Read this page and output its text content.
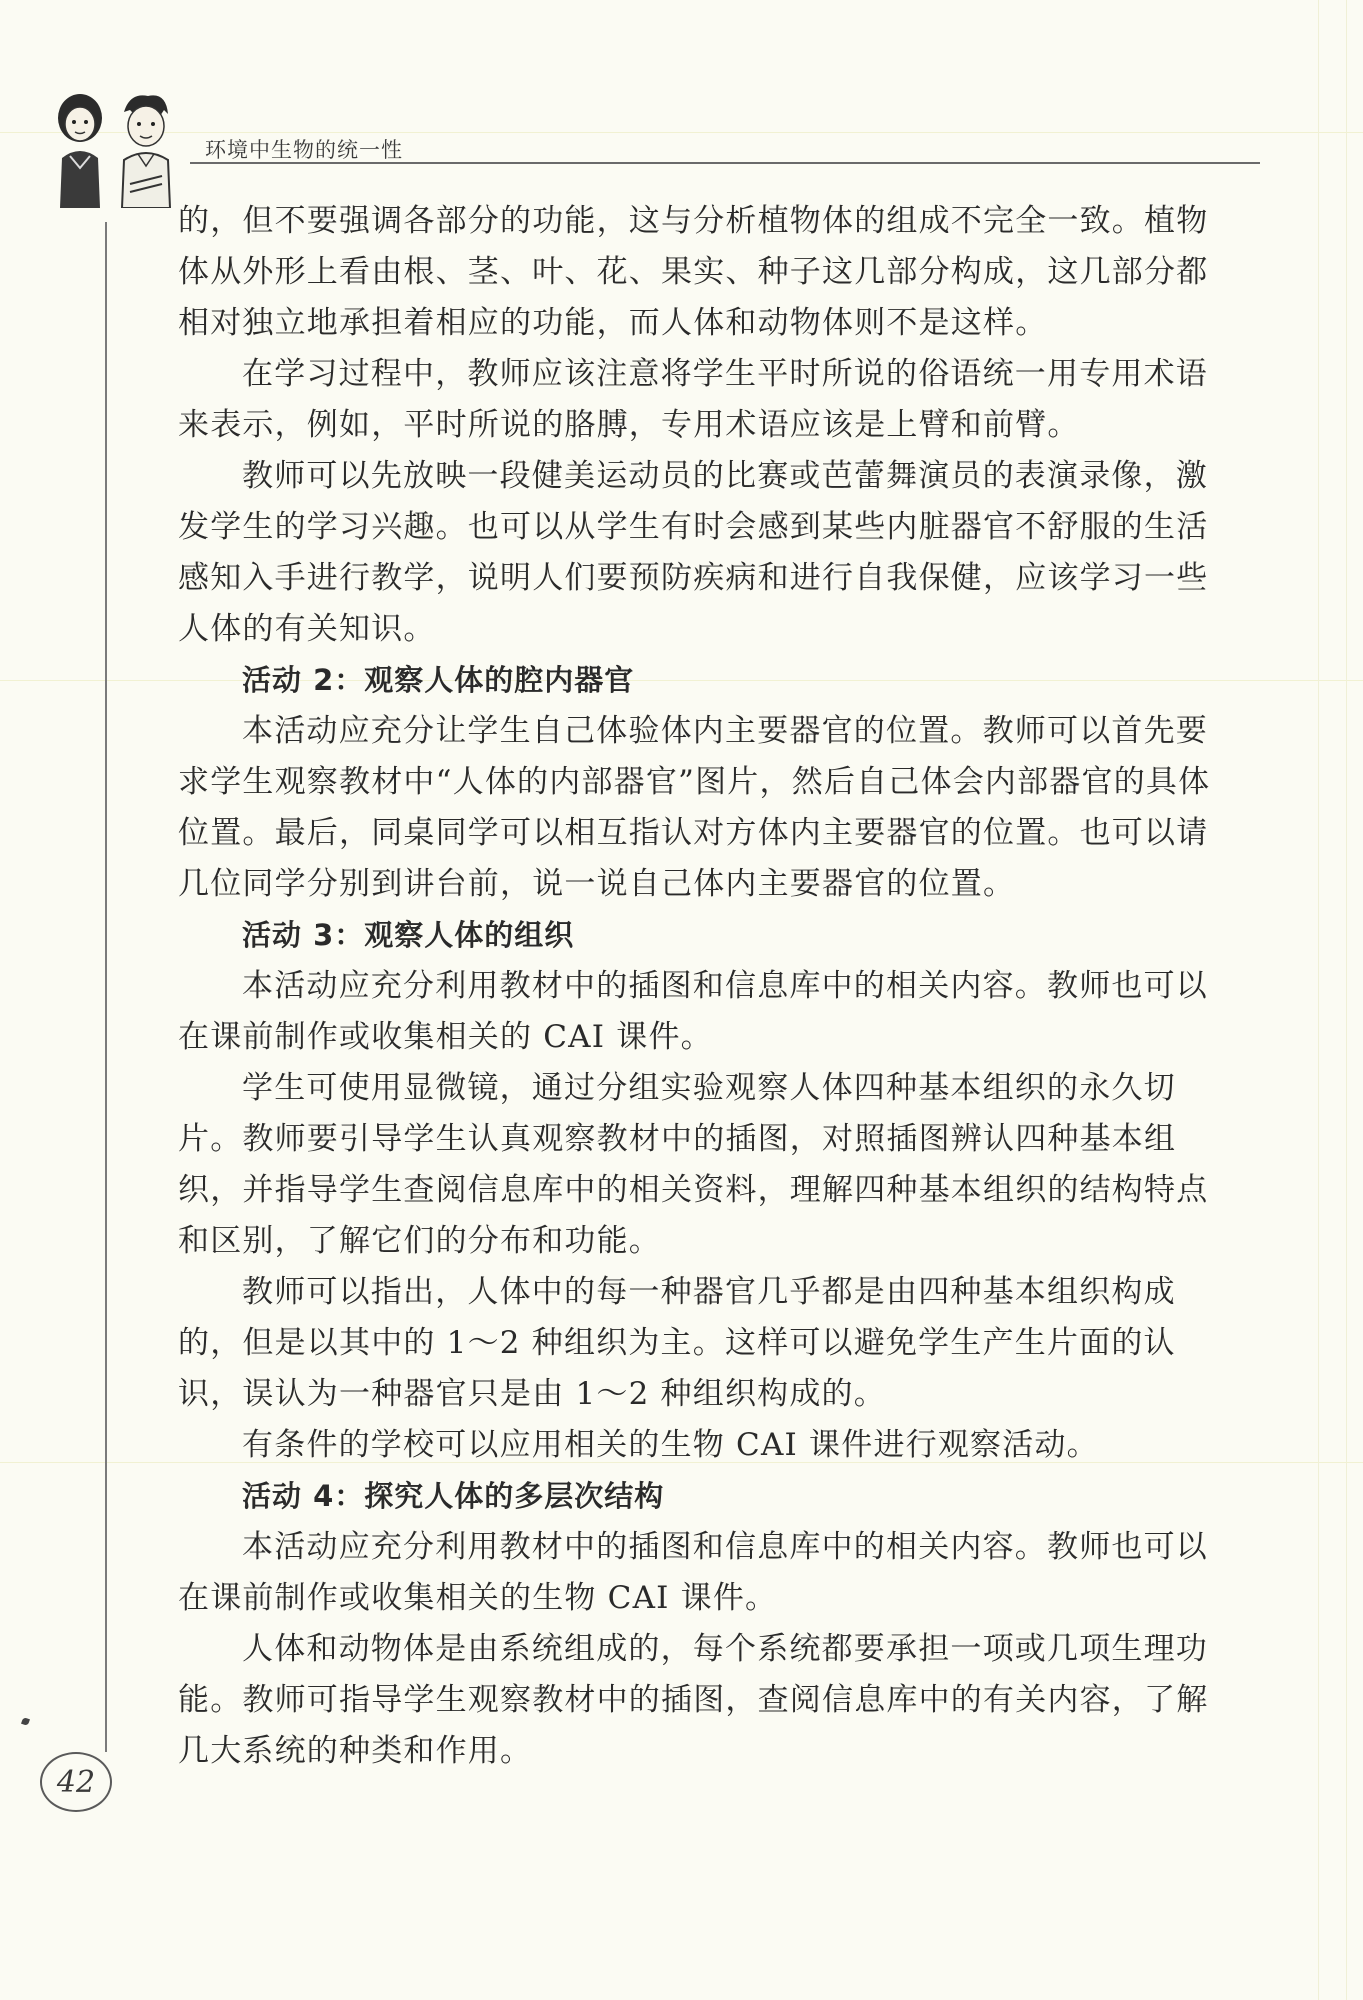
环境中生物的统一性

的，但不要强调各部分的功能，这与分析植物体的组成不完全一致。植物体从外形上看由根、茎、叶、花、果实、种子这几部分构成，这几部分都相对独立地承担着相应的功能，而人体和动物体则不是这样。

在学习过程中，教师应该注意将学生平时所说的俗语统一用专用术语来表示，例如，平时所说的胳膊，专用术语应该是上臂和前臂。

教师可以先放映一段健美运动员的比赛或芭蕾舞演员的表演录像，激发学生的学习兴趣。也可以从学生有时会感到某些内脏器官不舒服的生活感知入手进行教学，说明人们要预防疾病和进行自我保健，应该学习一些人体的有关知识。

活动 2：观察人体的腔内器官

本活动应充分让学生自己体验体内主要器官的位置。教师可以首先要求学生观察教材中“人体的内部器官”图片，然后自己体会内部器官的具体位置。最后，同桌同学可以相互指认对方体内主要器官的位置。也可以请几位同学分别到讲台前，说一说自己体内主要器官的位置。

活动 3：观察人体的组织

本活动应充分利用教材中的插图和信息库中的相关内容。教师也可以在课前制作或收集相关的 CAI 课件。

学生可使用显微镜，通过分组实验观察人体四种基本组织的永久切片。教师要引导学生认真观察教材中的插图，对照插图辨认四种基本组织，并指导学生查阅信息库中的相关资料，理解四种基本组织的结构特点和区别，了解它们的分布和功能。

教师可以指出，人体中的每一种器官几乎都是由四种基本组织构成的，但是以其中的 1～2 种组织为主。这样可以避免学生产生片面的认识，误认为一种器官只是由 1～2 种组织构成的。

有条件的学校可以应用相关的生物 CAI 课件进行观察活动。

活动 4：探究人体的多层次结构

本活动应充分利用教材中的插图和信息库中的相关内容。教师也可以在课前制作或收集相关的生物 CAI 课件。

人体和动物体是由系统组成的，每个系统都要承担一项或几项生理功能。教师可指导学生观察教材中的插图，查阅信息库中的有关内容，了解几大系统的种类和作用。

42
